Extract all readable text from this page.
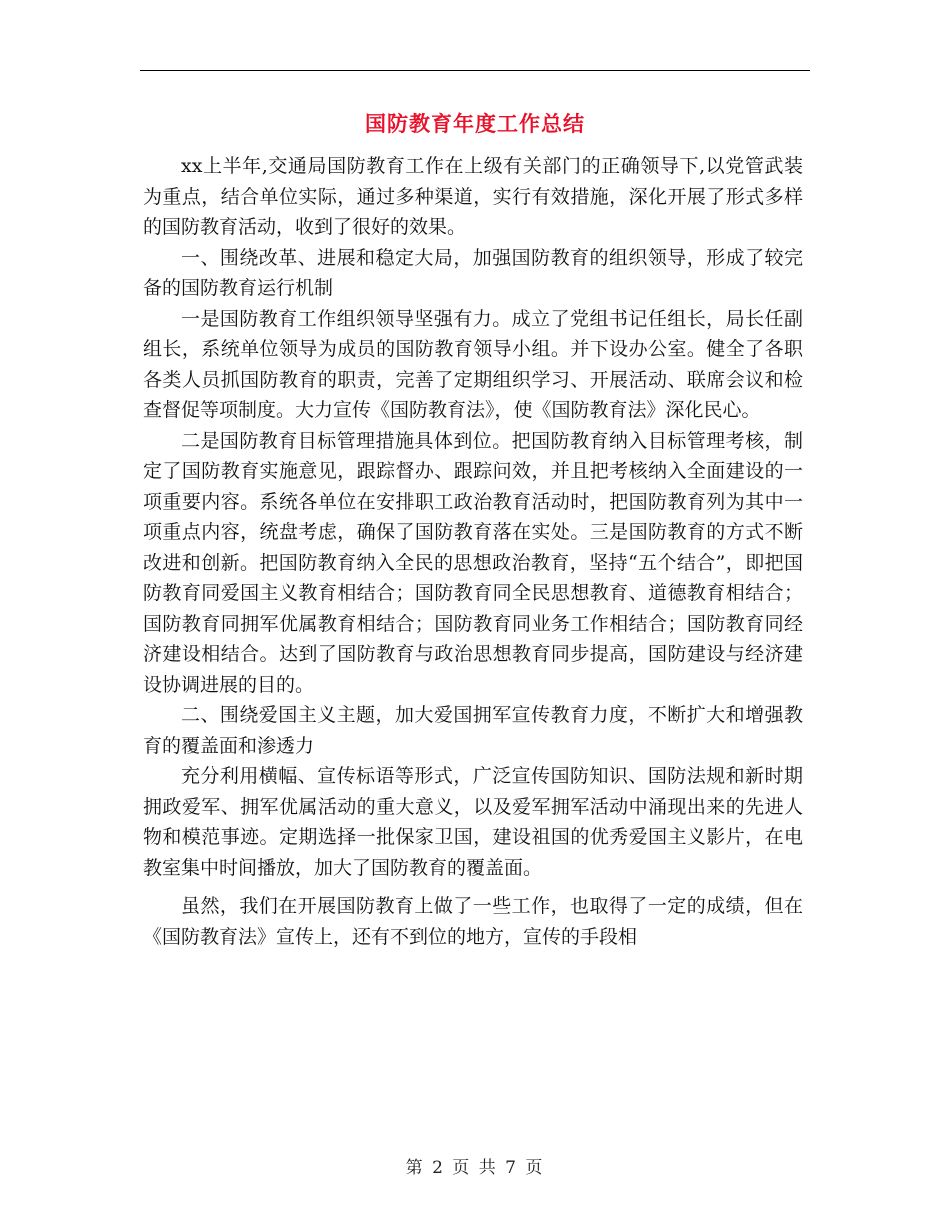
国防教育年度工作总结

xx上半年,交通局国防教育工作在上级有关部门的正确领导下,以党管武装为重点，结合单位实际，通过多种渠道，实行有效措施，深化开展了形式多样的国防教育活动，收到了很好的效果。

一、围绕改革、进展和稳定大局，加强国防教育的组织领导，形成了较完备的国防教育运行机制

一是国防教育工作组织领导坚强有力。成立了党组书记任组长，局长任副组长，系统单位领导为成员的国防教育领导小组。并下设办公室。健全了各职各类人员抓国防教育的职责，完善了定期组织学习、开展活动、联席会议和检查督促等项制度。大力宣传《国防教育法》，使《国防教育法》深化民心。

二是国防教育目标管理措施具体到位。把国防教育纳入目标管理考核，制定了国防教育实施意见，跟踪督办、跟踪问效，并且把考核纳入全面建设的一项重要内容。系统各单位在安排职工政治教育活动时，把国防教育列为其中一项重点内容，统盘考虑，确保了国防教育落在实处。三是国防教育的方式不断改进和创新。把国防教育纳入全民的思想政治教育，坚持“五个结合”，即把国防教育同爱国主义教育相结合；国防教育同全民思想教育、道德教育相结合；国防教育同拥军优属教育相结合；国防教育同业务工作相结合；国防教育同经济建设相结合。达到了国防教育与政治思想教育同步提高，国防建设与经济建设协调进展的目的。

二、围绕爱国主义主题，加大爱国拥军宣传教育力度，不断扩大和增强教育的覆盖面和渗透力

充分利用横幅、宣传标语等形式，广泛宣传国防知识、国防法规和新时期拥政爱军、拥军优属活动的重大意义，以及爱军拥军活动中涌现出来的先进人物和模范事迹。定期选择一批保家卫国，建设祖国的优秀爱国主义影片，在电教室集中时间播放，加大了国防教育的覆盖面。

虽然，我们在开展国防教育上做了一些工作，也取得了一定的成绩，但在《国防教育法》宣传上，还有不到位的地方，宣传的手段相

第 2 页 共 7 页
